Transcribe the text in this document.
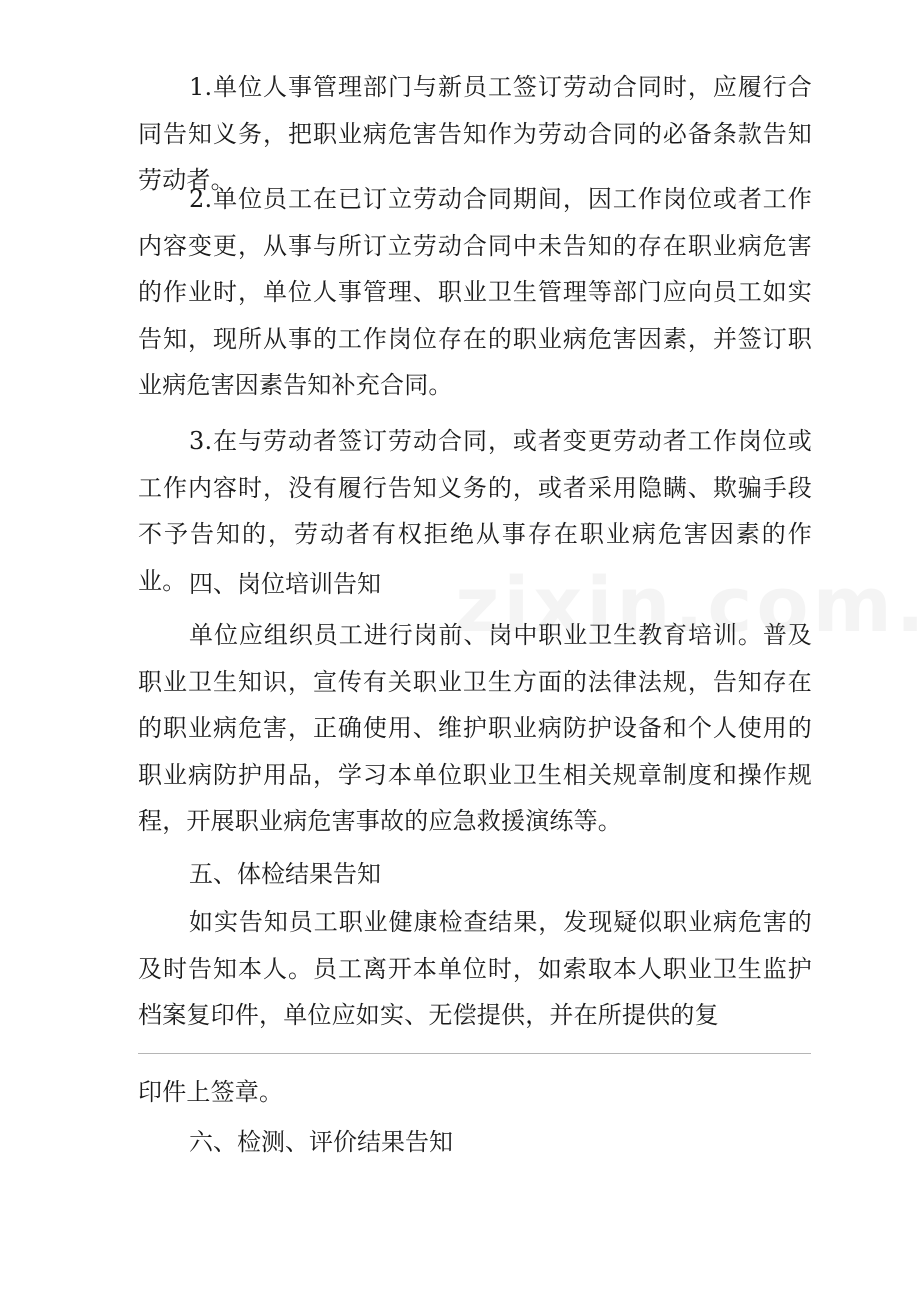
1.单位人事管理部门与新员工签订劳动合同时，应履行合同告知义务，把职业病危害告知作为劳动合同的必备条款告知劳动者。

2.单位员工在已订立劳动合同期间，因工作岗位或者工作内容变更，从事与所订立劳动合同中未告知的存在职业病危害的作业时，单位人事管理、职业卫生管理等部门应向员工如实告知，现所从事的工作岗位存在的职业病危害因素，并签订职业病危害因素告知补充合同。

3.在与劳动者签订劳动合同，或者变更劳动者工作岗位或工作内容时，没有履行告知义务的，或者采用隐瞒、欺骗手段不予告知的，劳动者有权拒绝从事存在职业病危害因素的作业。 四、岗位培训告知

单位应组织员工进行岗前、岗中职业卫生教育培训。普及职业卫生知识，宣传有关职业卫生方面的法律法规，告知存在的职业病危害，正确使用、维护职业病防护设备和个人使用的职业病防护用品，学习本单位职业卫生相关规章制度和操作规程，开展职业病危害事故的应急救援演练等。

五、体检结果告知

如实告知员工职业健康检查结果，发现疑似职业病危害的及时告知本人。员工离开本单位时，如索取本人职业卫生监护档案复印件，单位应如实、无偿提供，并在所提供的复

印件上签章。

六、检测、评价结果告知
